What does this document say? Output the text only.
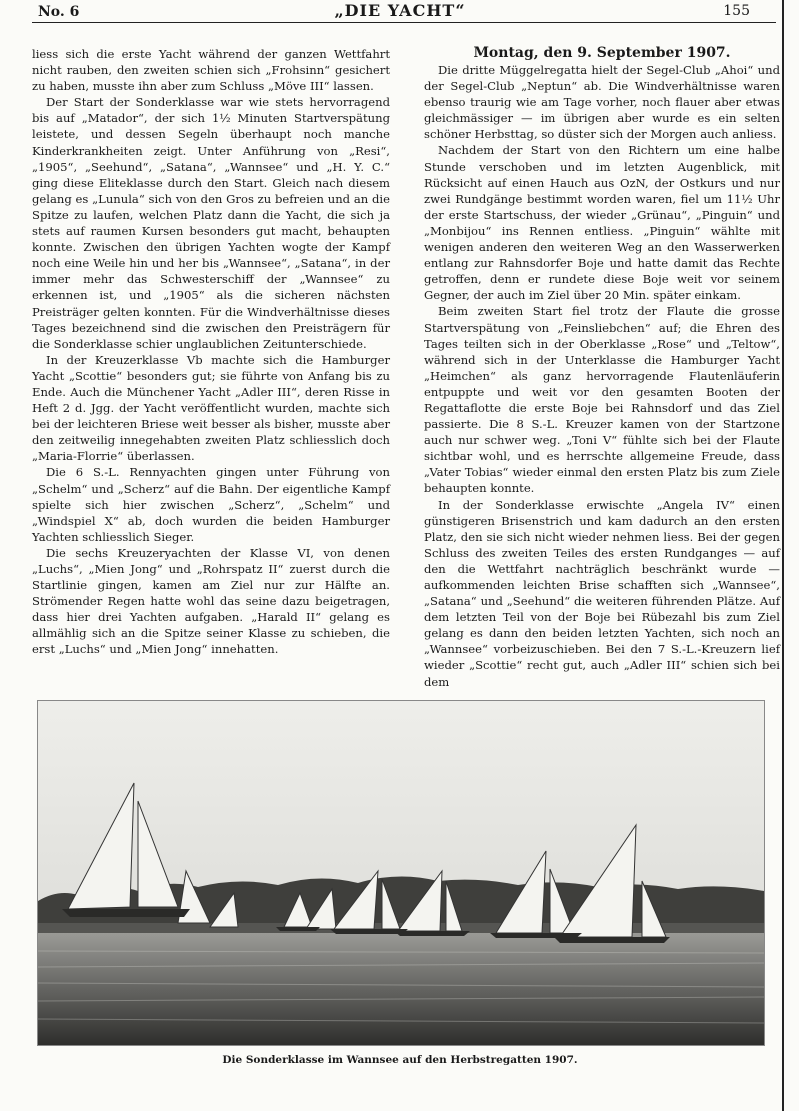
No. 6	„DIE YACHT“	155

liess sich die erste Yacht während der ganzen Wettfahrt nicht rauben, den zweiten schien sich „Frohsinn“ gesichert zu haben, musste ihn aber zum Schluss „Möve III“ lassen.

Der Start der Sonderklasse war wie stets hervorragend bis auf „Matador“, der sich 1½ Minuten Startverspätung leistete, und dessen Segeln überhaupt noch manche Kinderkrankheiten zeigt. Unter Anführung von „Resi“, „1905“, „Seehund“, „Satana“, „Wannsee“ und „H. Y. C.“ ging diese Eliteklasse durch den Start. Gleich nach diesem gelang es „Lunula“ sich von den Gros zu befreien und an die Spitze zu laufen, welchen Platz dann die Yacht, die sich ja stets auf raumen Kursen besonders gut macht, behaupten konnte. Zwischen den übrigen Yachten wogte der Kampf noch eine Weile hin und her bis „Wannsee“, „Satana“, in der immer mehr das Schwesterschiff der „Wannsee“ zu erkennen ist, und „1905“ als die sicheren nächsten Preisträger gelten konnten. Für die Windverhältnisse dieses Tages bezeichnend sind die zwischen den Preisträgern für die Sonderklasse schier unglaublichen Zeitunterschiede.

In der Kreuzerklasse Vb machte sich die Hamburger Yacht „Scottie“ besonders gut; sie führte von Anfang bis zu Ende. Auch die Münchener Yacht „Adler III“, deren Risse in Heft 2 d. Jgg. der Yacht veröffentlicht wurden, machte sich bei der leichteren Briese weit besser als bisher, musste aber den zeitweilig innegehabten zweiten Platz schliesslich doch „Maria-Florrie“ überlassen.

Die 6 S.-L. Rennyachten gingen unter Führung von „Schelm“ und „Scherz“ auf die Bahn. Der eigentliche Kampf spielte sich hier zwischen „Scherz“, „Schelm“ und „Windspiel X“ ab, doch wurden die beiden Hamburger Yachten schliesslich Sieger.

Die sechs Kreuzeryachten der Klasse VI, von denen „Luchs“, „Mien Jong“ und „Rohrspatz II“ zuerst durch die Startlinie gingen, kamen am Ziel nur zur Hälfte an. Strömender Regen hatte wohl das seine dazu beigetragen, dass hier drei Yachten aufgaben. „Harald II“ gelang es allmählig sich an die Spitze seiner Klasse zu schieben, die erst „Luchs“ und „Mien Jong“ innehatten.

Montag, den 9. September 1907.

Die dritte Müggelregatta hielt der Segel-Club „Ahoi“ und der Segel-Club „Neptun“ ab. Die Windverhältnisse waren ebenso traurig wie am Tage vorher, noch flauer aber etwas gleichmässiger — im übrigen aber wurde es ein selten schöner Herbsttag, so düster sich der Morgen auch anliess.

Nachdem der Start von den Richtern um eine halbe Stunde verschoben und im letzten Augenblick, mit Rücksicht auf einen Hauch aus OzN, der Ostkurs und nur zwei Rundgänge bestimmt worden waren, fiel um 11½ Uhr der erste Startschuss, der wieder „Grünau“, „Pinguin“ und „Monbijou“ ins Rennen entliess. „Pinguin“ wählte mit wenigen anderen den weiteren Weg an den Wasserwerken entlang zur Rahnsdorfer Boje und hatte damit das Rechte getroffen, denn er rundete diese Boje weit vor seinem Gegner, der auch im Ziel über 20 Min. später einkam.

Beim zweiten Start fiel trotz der Flaute die grosse Startverspätung von „Feinsliebchen“ auf; die Ehren des Tages teilten sich in der Oberklasse „Rose“ und „Teltow“, während sich in der Unterklasse die Hamburger Yacht „Heimchen“ als ganz hervorragende Flautenläuferin entpuppte und weit vor den gesamten Booten der Regattaflotte die erste Boje bei Rahnsdorf und das Ziel passierte. Die 8 S.-L. Kreuzer kamen von der Startzone auch nur schwer weg. „Toni V“ fühlte sich bei der Flaute sichtbar wohl, und es herrschte allgemeine Freude, dass „Vater Tobias“ wieder einmal den ersten Platz bis zum Ziele behaupten konnte.

In der Sonderklasse erwischte „Angela IV“ einen günstigeren Brisenstrich und kam dadurch an den ersten Platz, den sie sich nicht wieder nehmen liess. Bei der gegen Schluss des zweiten Teiles des ersten Rundganges — auf den die Wettfahrt nachträglich beschränkt wurde — aufkommenden leichten Brise schafften sich „Wannsee“, „Satana“ und „Seehund“ die weiteren führenden Plätze. Auf dem letzten Teil von der Boje bei Rübezahl bis zum Ziel gelang es dann den beiden letzten Yachten, sich noch an „Wannsee“ vorbeizuschieben. Bei den 7 S.-L.-Kreuzern lief wieder „Scottie“ recht gut, auch „Adler III“ schien sich bei dem

Die Sonderklasse im Wannsee auf den Herbstregatten 1907.
